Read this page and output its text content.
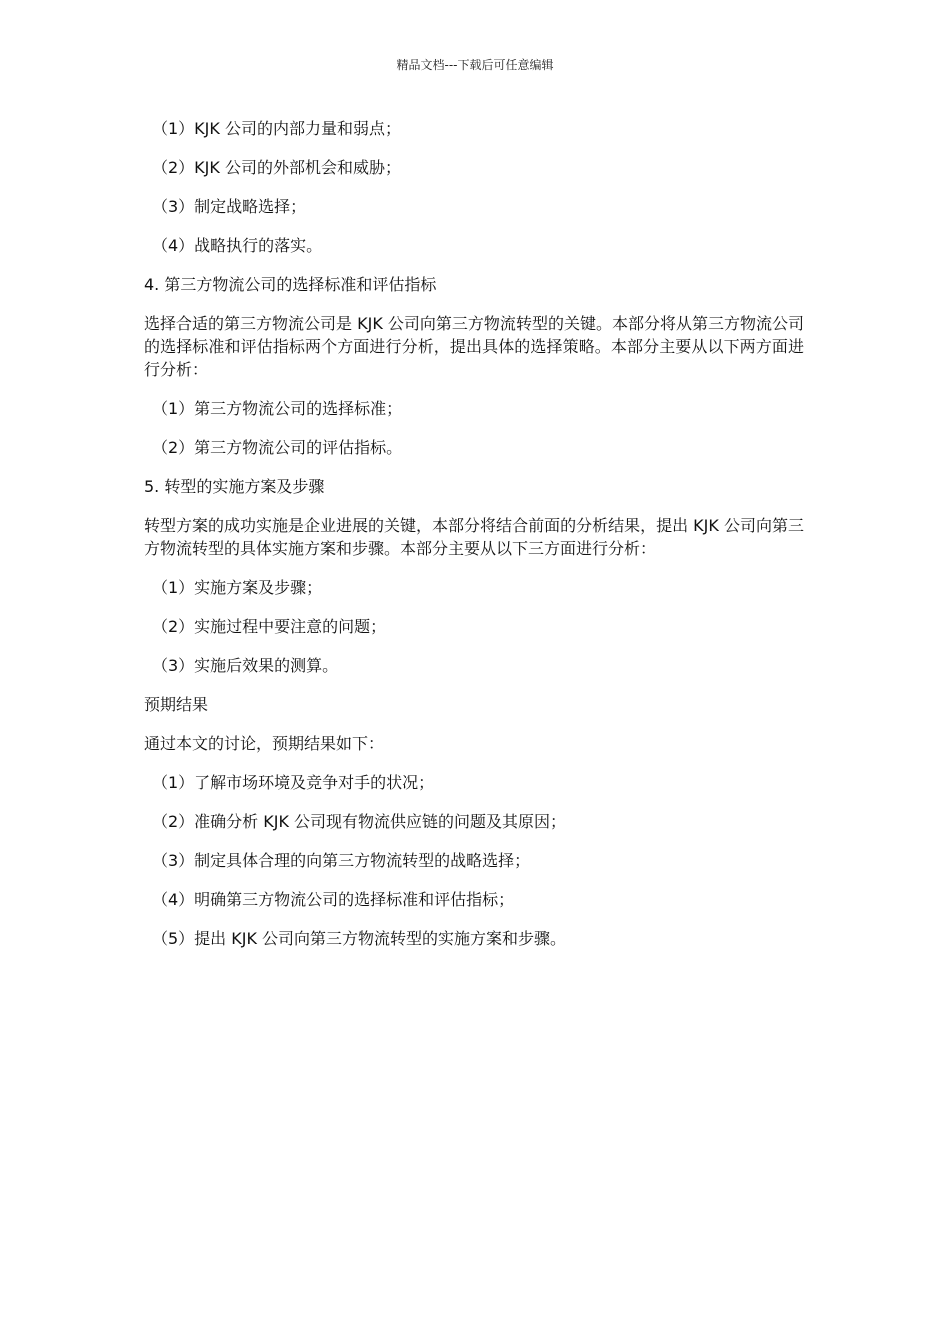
精品文档---下载后可任意编辑

（1）KJK 公司的内部力量和弱点；

（2）KJK 公司的外部机会和威胁；

（3）制定战略选择；

（4）战略执行的落实。

4. 第三方物流公司的选择标准和评估指标

选择合适的第三方物流公司是 KJK 公司向第三方物流转型的关键。本部分将从第三方物流公司的选择标准和评估指标两个方面进行分析，提出具体的选择策略。本部分主要从以下两方面进行分析：

（1）第三方物流公司的选择标准；

（2）第三方物流公司的评估指标。

5. 转型的实施方案及步骤

转型方案的成功实施是企业进展的关键，本部分将结合前面的分析结果，提出 KJK 公司向第三方物流转型的具体实施方案和步骤。本部分主要从以下三方面进行分析：

（1）实施方案及步骤；

（2）实施过程中要注意的问题；

（3）实施后效果的测算。

预期结果

通过本文的讨论，预期结果如下：

（1）了解市场环境及竞争对手的状况；

（2）准确分析 KJK 公司现有物流供应链的问题及其原因；

（3）制定具体合理的向第三方物流转型的战略选择；

（4）明确第三方物流公司的选择标准和评估指标；

（5）提出 KJK 公司向第三方物流转型的实施方案和步骤。
